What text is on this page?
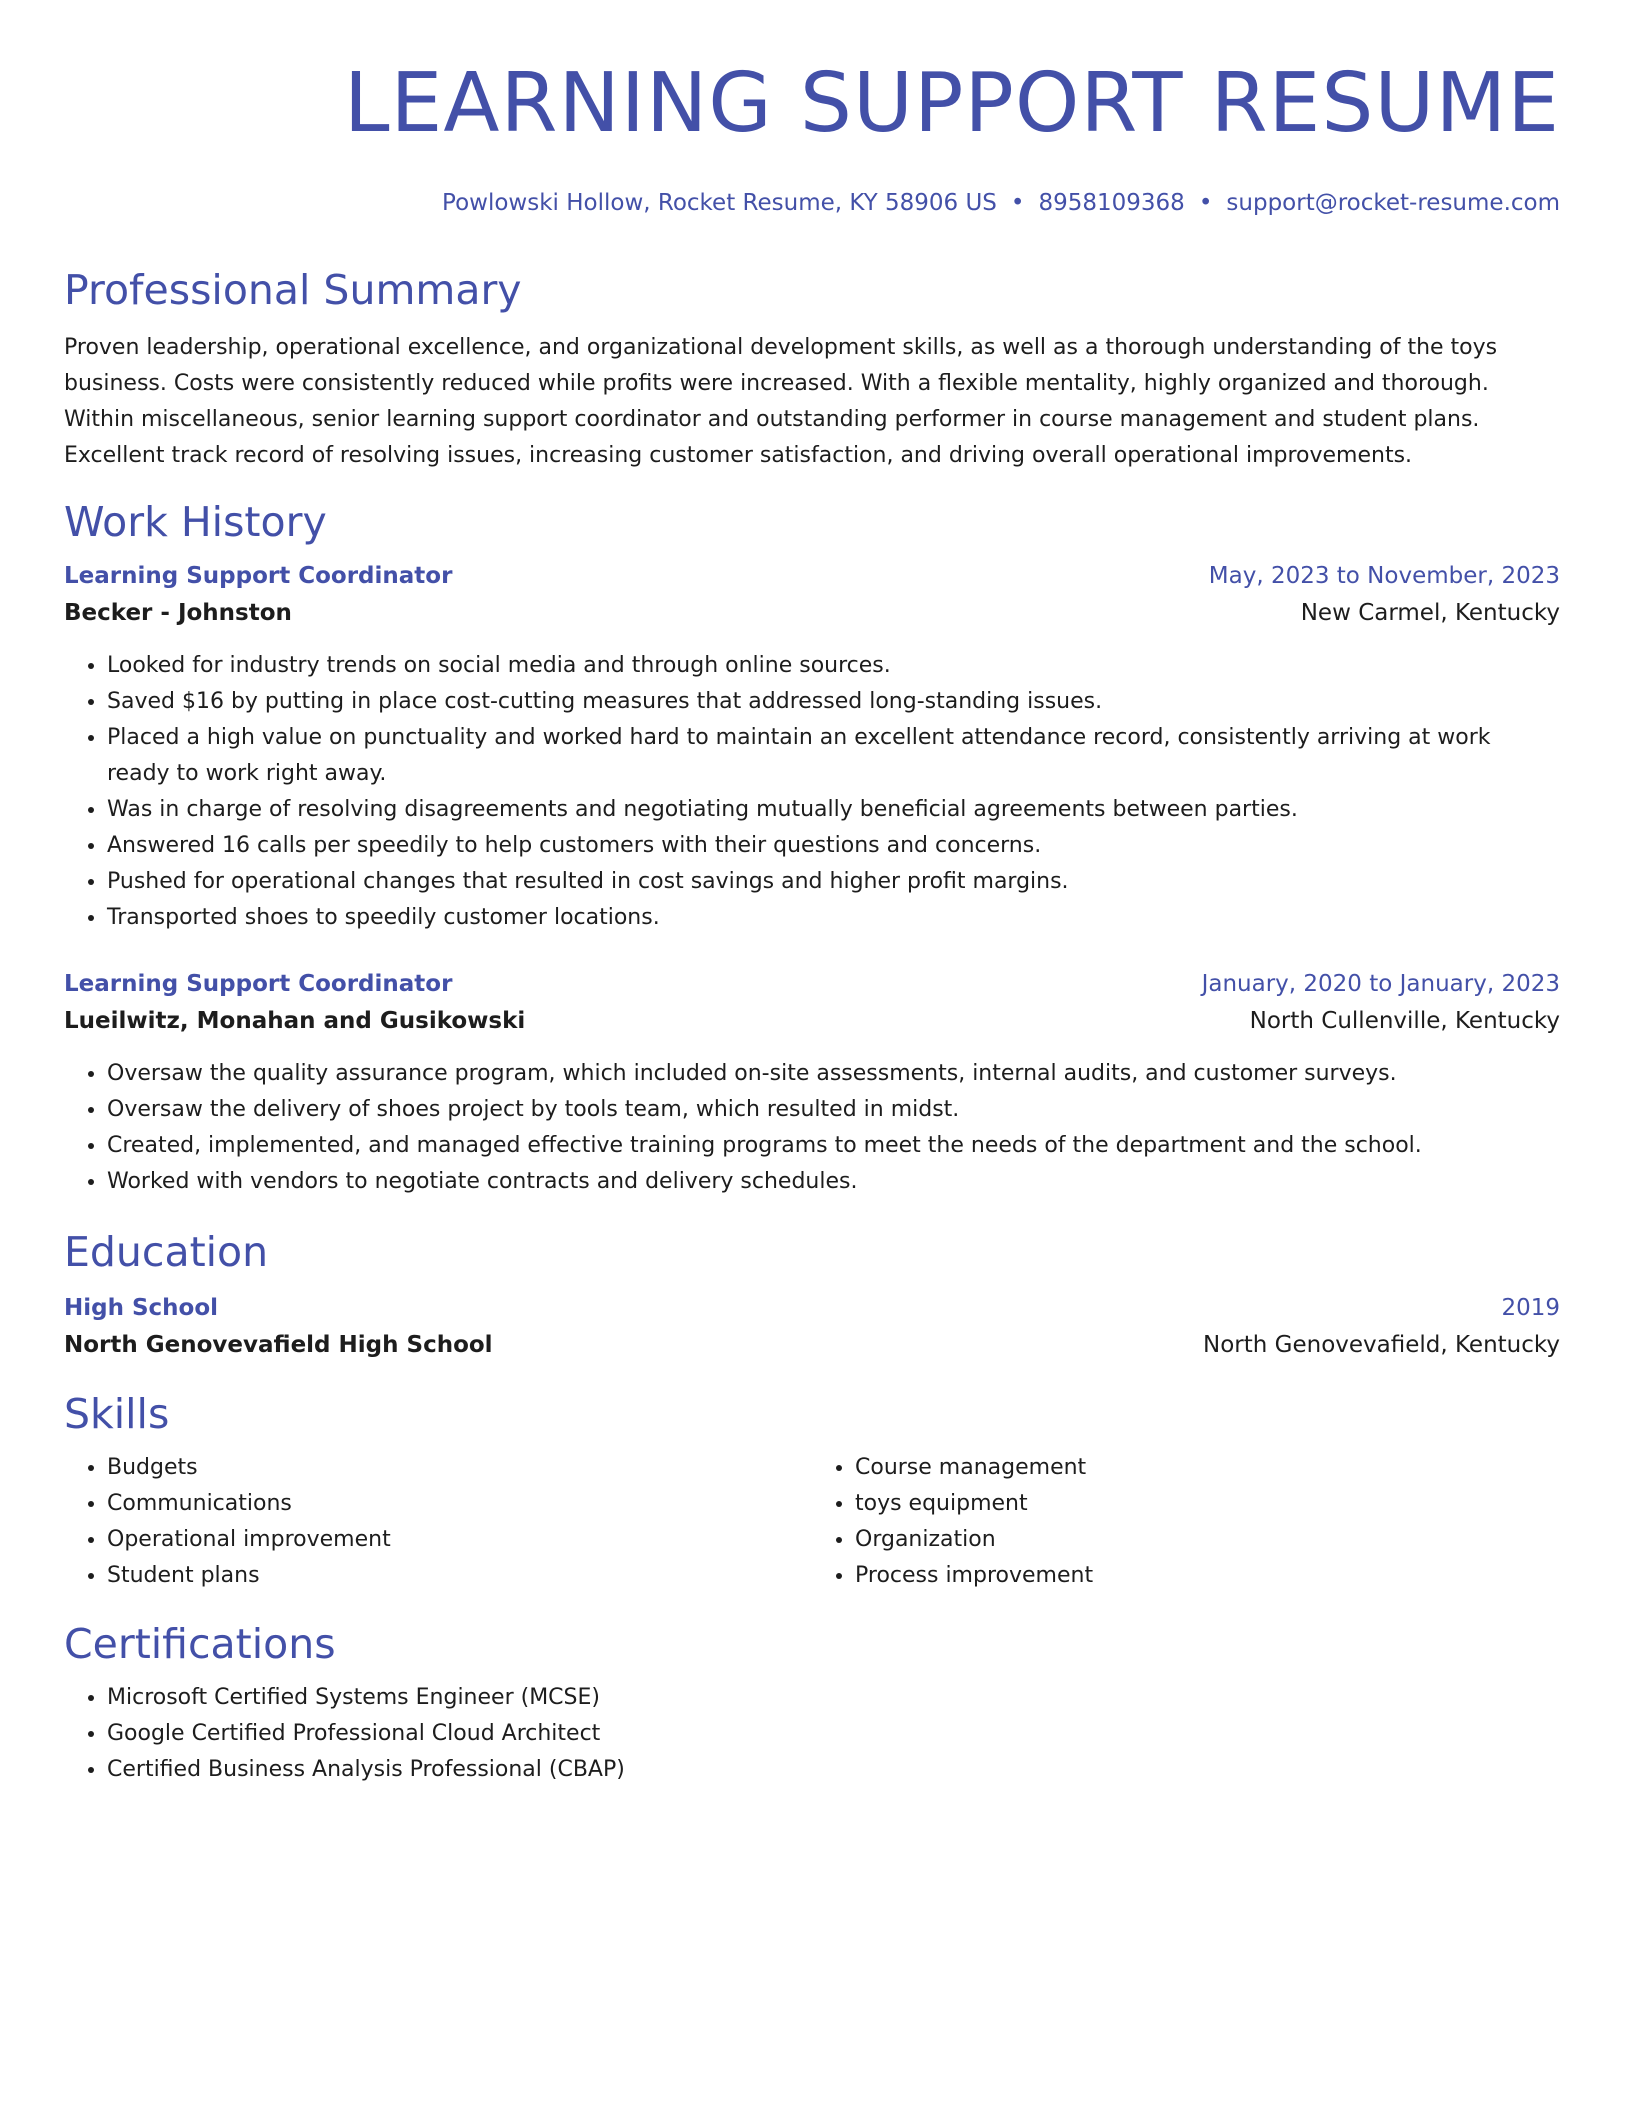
LEARNING SUPPORT RESUME
Powlowski Hollow, Rocket Resume, KY 58906 US • 8958109368 • support@rocket-resume.com
Professional Summary

Proven leadership, operational excellence, and organizational development skills, as well as a thorough understanding of the toys business. Costs were consistently reduced while profits were increased. With a flexible mentality, highly organized and thorough. Within miscellaneous, senior learning support coordinator and outstanding performer in course management and student plans. Excellent track record of resolving issues, increasing customer satisfaction, and driving overall operational improvements.

Work History
Learning Support Coordinator	May, 2023 to November, 2023
Becker - Johnston	New Carmel, Kentucky
• Looked for industry trends on social media and through online sources.
• Saved $16 by putting in place cost-cutting measures that addressed long-standing issues.
• Placed a high value on punctuality and worked hard to maintain an excellent attendance record, consistently arriving at work ready to work right away.
• Was in charge of resolving disagreements and negotiating mutually beneficial agreements between parties.
• Answered 16 calls per speedily to help customers with their questions and concerns.
• Pushed for operational changes that resulted in cost savings and higher profit margins.
• Transported shoes to speedily customer locations.
Learning Support Coordinator	January, 2020 to January, 2023
Lueilwitz, Monahan and Gusikowski	North Cullenville, Kentucky
• Oversaw the quality assurance program, which included on-site assessments, internal audits, and customer surveys.
• Oversaw the delivery of shoes project by tools team, which resulted in midst.
• Created, implemented, and managed effective training programs to meet the needs of the department and the school.
• Worked with vendors to negotiate contracts and delivery schedules.
Education
High School	2019
North Genovevafield High School	North Genovevafield, Kentucky
Skills
• Budgets
• Communications
• Operational improvement
• Student plans
• Course management
• toys equipment
• Organization
• Process improvement
Certifications
• Microsoft Certified Systems Engineer (MCSE)
• Google Certified Professional Cloud Architect
• Certified Business Analysis Professional (CBAP)
